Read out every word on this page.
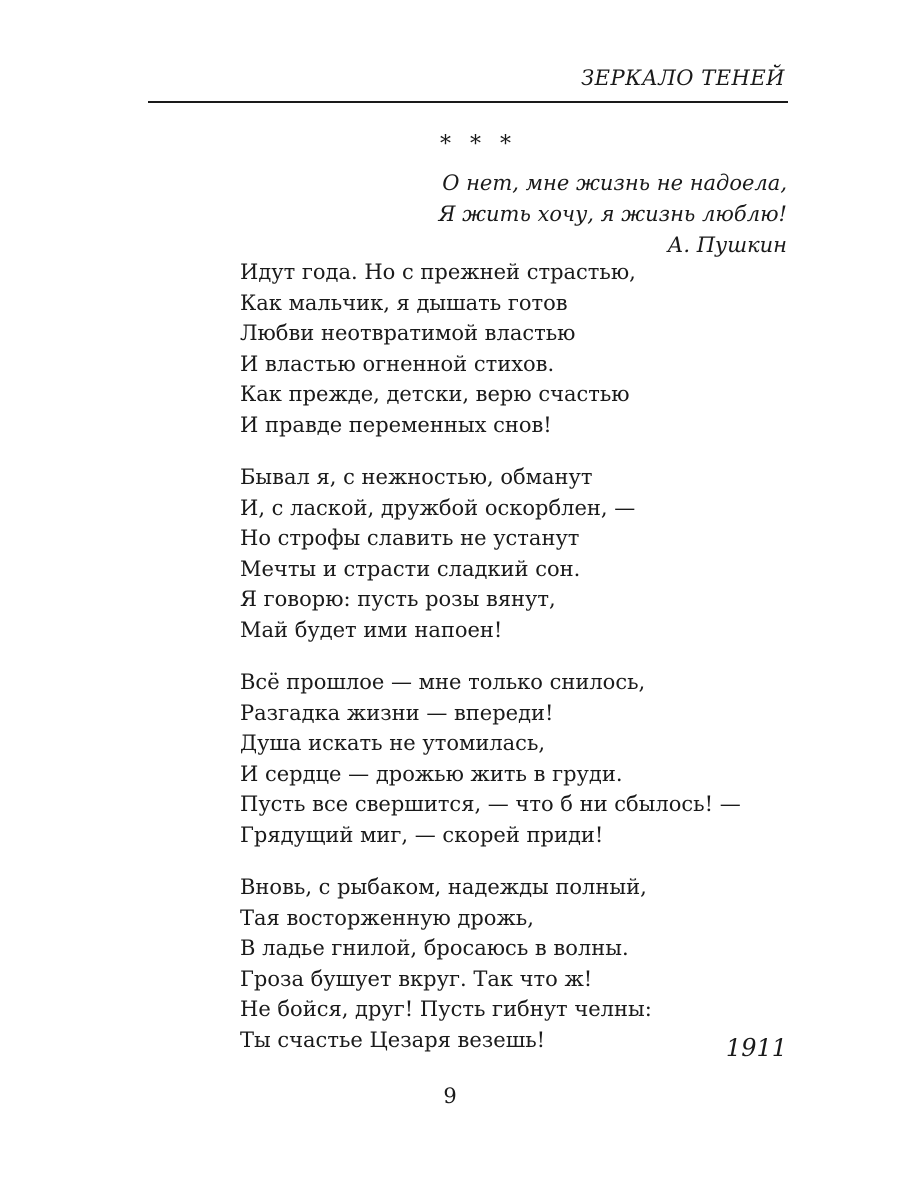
ЗЕРКАЛО ТЕНЕЙ
* * *
О нет, мне жизнь не надоела,
Я жить хочу, я жизнь люблю!
А. Пушкин
Идут года. Но с прежней страстью,
Как мальчик, я дышать готов
Любви неотвратимой властью
И властью огненной стихов.
Как прежде, детски, верю счастью
И правде переменных снов!
Бывал я, с нежностью, обманут
И, с лаской, дружбой оскорблен, —
Но строфы славить не устанут
Мечты и страсти сладкий сон.
Я говорю: пусть розы вянут,
Май будет ими напоен!
Всё прошлое — мне только снилось,
Разгадка жизни — впереди!
Душа искать не утомилась,
И сердце — дрожью жить в груди.
Пусть все свершится, — что б ни сбылось! —
Грядущий миг, — скорей приди!
Вновь, с рыбаком, надежды полный,
Тая восторженную дрожь,
В ладье гнилой, бросаюсь в волны.
Гроза бушует вкруг. Так что ж!
Не бойся, друг! Пусть гибнут челны:
Ты счастье Цезаря везешь!	1911
9
